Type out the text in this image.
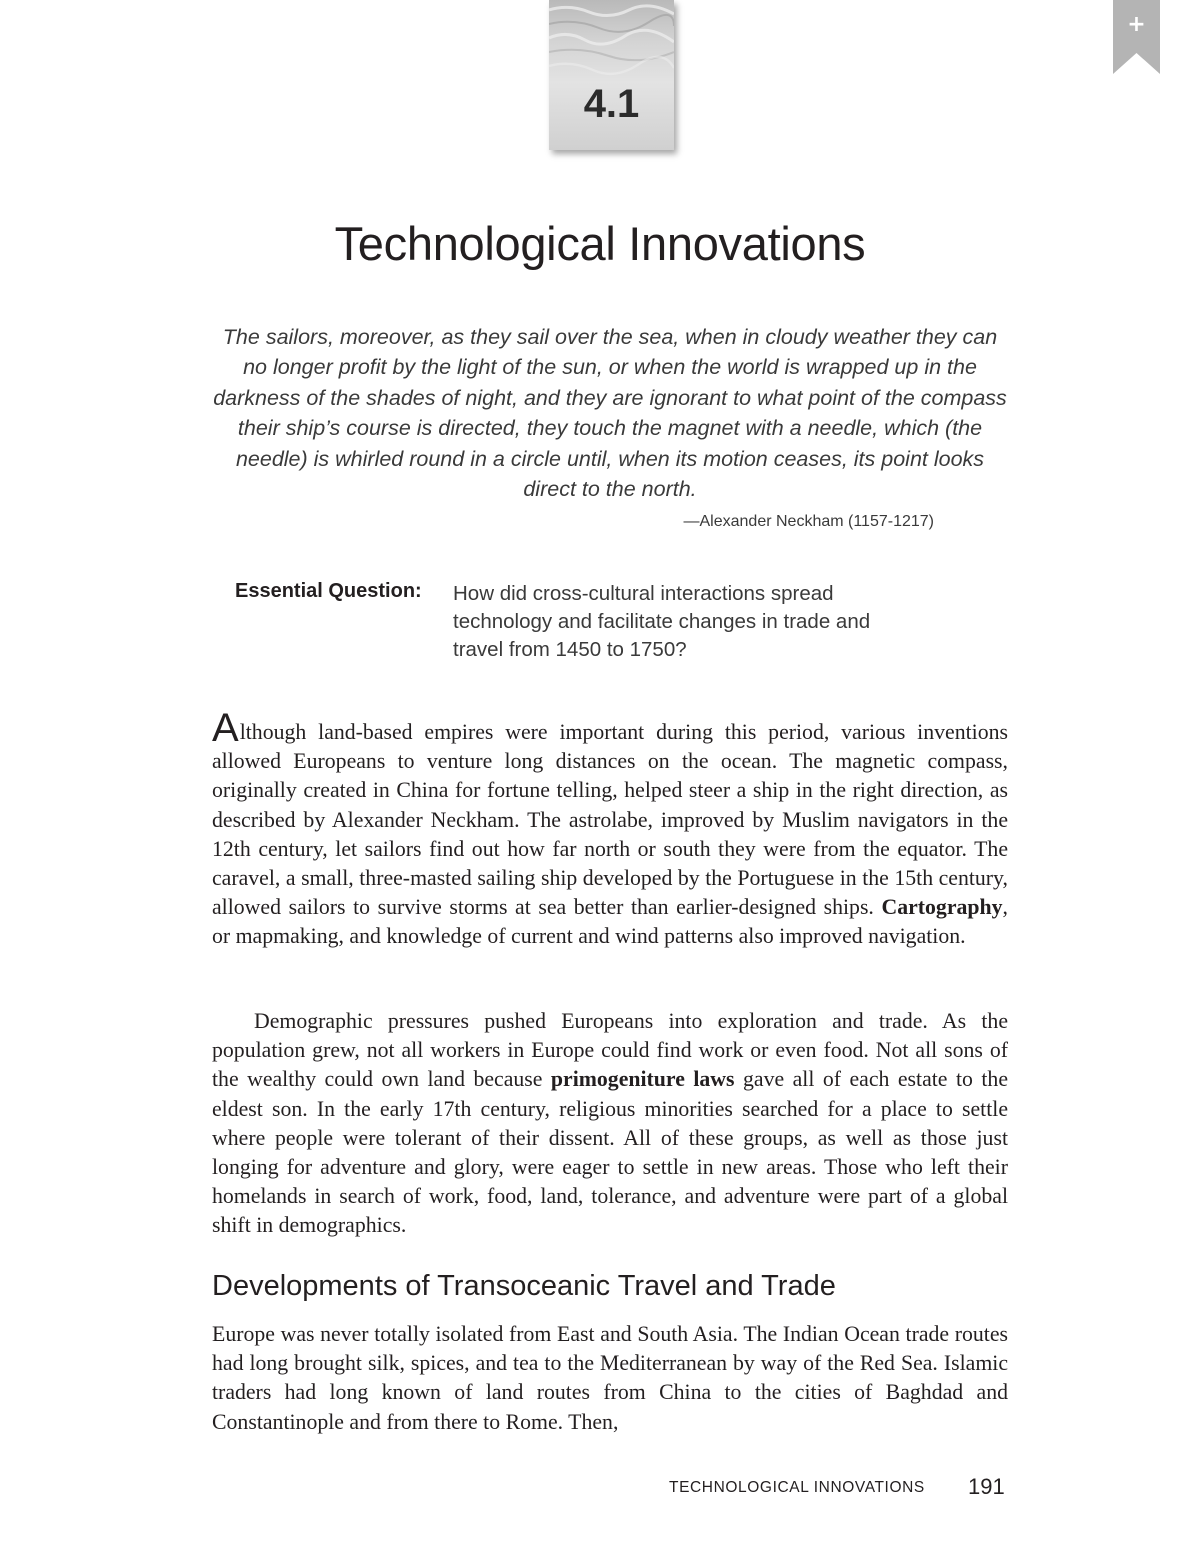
4.1
+
Technological Innovations

The sailors, moreover, as they sail over the sea, when in cloudy weather they can no longer profit by the light of the sun, or when the world is wrapped up in the darkness of the shades of night, and they are ignorant to what point of the compass their ship’s course is directed, they touch the magnet with a needle, which (the needle) is whirled round in a circle until, when its motion ceases, its point looks direct to the north.

—Alexander Neckham (1157-1217)
Essential Question: How did cross-cultural interactions spread technology and facilitate changes in trade and travel from 1450 to 1750?

Although land-based empires were important during this period, various inventions allowed Europeans to venture long distances on the ocean. The magnetic compass, originally created in China for fortune telling, helped steer a ship in the right direction, as described by Alexander Neckham. The astrolabe, improved by Muslim navigators in the 12th century, let sailors find out how far north or south they were from the equator. The caravel, a small, three-masted sailing ship developed by the Portuguese in the 15th century, allowed sailors to survive storms at sea better than earlier-designed ships. Cartography, or mapmaking, and knowledge of current and wind patterns also improved navigation.

Demographic pressures pushed Europeans into exploration and trade. As the population grew, not all workers in Europe could find work or even food. Not all sons of the wealthy could own land because primogeniture laws gave all of each estate to the eldest son. In the early 17th century, religious minorities searched for a place to settle where people were tolerant of their dissent. All of these groups, as well as those just longing for adventure and glory, were eager to settle in new areas. Those who left their homelands in search of work, food, land, tolerance, and adventure were part of a global shift in demographics.

Developments of Transoceanic Travel and Trade

Europe was never totally isolated from East and South Asia. The Indian Ocean trade routes had long brought silk, spices, and tea to the Mediterranean by way of the Red Sea. Islamic traders had long known of land routes from China to the cities of Baghdad and Constantinople and from there to Rome. Then,

TECHNOLOGICAL INNOVATIONS 191
